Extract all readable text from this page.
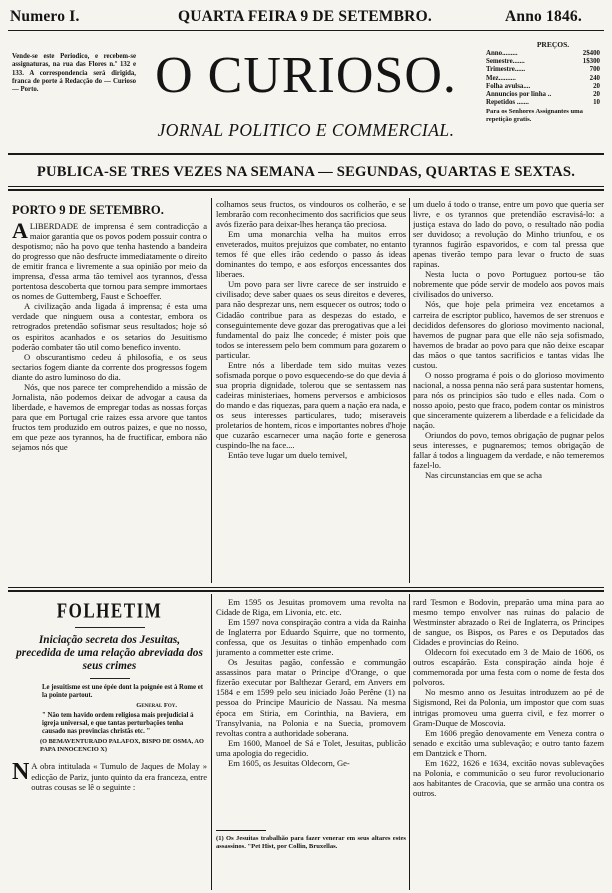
Numero I.	QUARTA FEIRA 9 DE SETEMBRO.	Anno 1846.
Vende-se este Periodico, e recebem-se assignaturas, na rua das Flores n.º 132 e 133. A correspondencia será dirigida, franca de porte á Redacção do — Curioso — Porto.	O CURIOSO.
JORNAL POLITICO E COMMERCIAL.
PREÇOS.
Anno.........	2$400
Semestre.......	1$300
Trimestre......	700
Mez..........	240
Folha avulsa....	20
Annuncios por linha ..	20
Repetidos .......	10
Para os Senhores Assignantes uma repetição gratis.
PUBLICA-SE TRES VEZES NA SEMANA — SEGUNDAS, QUARTAS E SEXTAS.
PORTO 9 DE SETEMBRO.

ALIBERDADE de imprensa é sem contradicção a maior garantia que os povos podem possuir contra o despotismo; não ha povo que tenha hastendo a bandeira do progresso que não desfructe immediatamente o direito de emitir franca e livremente a sua opinião por meio da imprensa, d'essa arma tão temivel aos tyrannos, d'essa portentosa descoberta que tornou para sempre immortaes os nomes de Guttemberg, Faust e Schoeffer.

A civilização anda ligada á imprensa; é esta uma verdade que ninguem ousa a contestar, embora os retrogrados pretendão sofismar seus resultados; hoje só os espiritos acanhados e os setarios do Jesuitismo poderão combater tão util como benefico invento.

O obscurantismo cedeu á philosofia, e os seus sectarios fogem diante da corrente dos progressos fogem diante do astro luminoso do dia.

Nós, que nos parece ter comprehendido a missão de Jornalista, não podemos deixar de advogar a causa da liberdade, e havemos de empregar todas as nossas forças para que em Portugal crie raizes essa arvore que tantos fructos tem produzido em outros paizes, e que no nosso, em que peze aos tyrannos, ha de fructificar, embora não sejamos nós que

colhamos seus fructos, os vindouros os colherão, e se lembrarão com reconhecimento dos sacrificios que seus avós fizerão para deixar-lhes herança tão preciosa.

Em uma monarchia velha ha muitos erros enveterados, muitos prejuizos que combater, no entanto temos fé que elles irão cedendo o passo ás ideas dominantes do tempo, e aos esforços encessantes dos liberaes.

Um povo para ser livre carece de ser instruido e civilisado; deve saber quaes os seus direitos e deveres, para não desprezar uns, nem esquecer os outros; todo o Cidadão contribue para as despezas do estado, e conseguintemente deve gozar das prerogativas que a lei fundamental do paiz lhe concede; é mister pois que todos se interessem pelo bem commum para gozarem o particular.

Entre nós a liberdade tem sido muitas vezes sofismada porque o povo esquecendo-se do que devia á sua propria dignidade, tolerou que se sentassem nas cadeiras ministeriaes, homens perversos e ambiciosos do mando e das riquezas, para quem a nação era nada, e os seus interesses particulares, tudo; miseraveis proletarios de hontem, ricos e importantes nobres d'hoje que cuzarão escarnecer uma nação forte e generosa cuspindo-lhe na face....

Então teve lugar um duelo temivel,

um duelo á todo o transe, entre um povo que queria ser livre, e os tyrannos que pretendião escravisá-lo: a justiça estava do lado do povo, o resultado não podia ser duvidoso; a revolução do Minho triunfou, e os tyrannos fugirão espavoridos, e com tal pressa que apenas tiverão tempo para levar o fructo de suas rapinas.

Nesta lucta o povo Portuguez portou-se tão nobremente que póde servir de modelo aos povos mais civilisados do universo.

Nós, que hoje pela primeira vez encetamos a carreira de escriptor publico, havemos de ser strenuos e decididos defensores do glorioso movimento nacional, havemos de pugnar para que elle não seja sofismado, havemos de bradar ao povo para que não deixe escapar das mãos o que tantos sacrificios e tantas vidas lhe custou.

O nosso programa é pois o do glorioso movimento nacional, a nossa penna não será para sustentar homens, para nós os principios são tudo e elles nada. Com o nosso apoio, pesto que fraco, podem contar os ministros que sinceramente quizerem a liberdade e a felicidade da nação.

Oriundos do povo, temos obrigação de pugnar pelos seus interesses, e pugnaremos; temos obrigação de fallar á todos a linguagem da verdade, e não temeremos fazel-lo.

Nas circunstancias em que se acha

FOLHETIM
Iniciação secreta dos Jesuitas,
precedida de uma relação abreviada dos seus crimes
Le jesuitisme est une épée dont la poignée est à Rome et la pointe partout.
General Foy.
" Não tem havido ordem religiosa mais prejudicial á igreja universal, e que tantas perturbações tenha causado nas provincias christãs etc. "
(O BEMAVENTURADO PALAFOX, BISPO DE OSMA, AO PAPA INNOCENCIO X)
N A obra intitulada « Tumulo de Jaques de Molay » edicção de Pariz, junto quinto da era franceza, entre outras cousas se lê o seguinte :

Em 1595 os Jesuitas promovem uma revolta na Cidade de Riga, em Livonia, etc. etc.

Em 1597 nova conspiração contra a vida da Rainha de Inglaterra por Eduardo Squirre, que no tormento, confessa, que os Jesuitas o tinhão empenhado com juramento a commetter este crime.

Os Jesuitas pagão, confessão e commungão assassinos para matar o Principe d'Orange, o que fizerão executar por Balthezar Gerard, em Anvers em 1584 e em 1599 pelo seu iniciado João Perêne (1) na pessoa do Principe Mauricio de Nassau. Na mesma época em Stiria, em Corinthia, na Baviera, em Transylvania, na Polonia e na Suecia, promovem revoltas contra a authoridade soberana.

Em 1600, Manoel de Sá e Tolet, Jesuitas, publicão uma apologia do regecidio.

Em 1605, os Jesuitas Oldecorn, Ge-

(1) Os Jesuitas trabalhão para fazer venerar em seus altares estes assassinos. "Pet Hist, por Collin, Bruxellas.

rard Tesmon e Bodovin, preparão uma mina para ao mesmo tempo envolver nas ruinas do palacio de Westminster abrazado o Rei de Inglaterra, os Principes de sangue, os Bispos, os Pares e os Deputados das Cidades e provincias do Reino.

Oldecorn foi executado em 3 de Maio de 1606, os outros escapárão. Esta conspiração ainda hoje é commemorada por uma festa com o nome de festa dos polvoros.

No mesmo anno os Jesuitas introduzem ao pé de Sigismond, Rei da Polonia, um impostor que com suas intrigas promoveu uma guerra civil, e fez morrer o Gram-Duque de Moscovia.

Em 1606 pregão denovamente em Veneza contra o senado e excitão uma sublevação; e outro tanto fazem em Dantzick e Thorn.

Em 1622, 1626 e 1634, excitão novas sublevações na Polonia, e communicão o seu furor revolucionario aos habitantes de Cracovia, que se armão una contra os outros.
